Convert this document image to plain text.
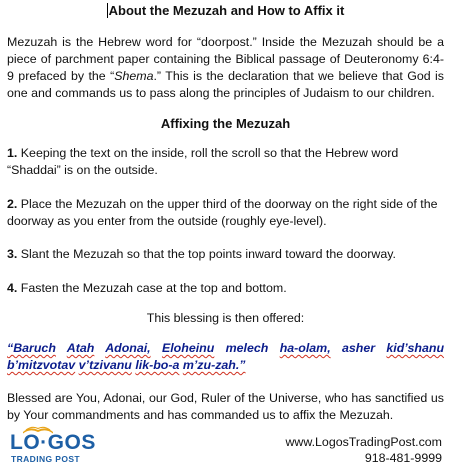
About the Mezuzah and How to Affix it

Mezuzah is the Hebrew word for “doorpost.” Inside the Mezuzah should be a piece of parchment paper containing the Biblical passage of Deuteronomy 6:4-9 prefaced by the “Shema.” This is the declaration that we believe that God is one and commands us to pass along the principles of Judaism to our children.

Affixing the Mezuzah

1. Keeping the text on the inside, roll the scroll so that the Hebrew word “Shaddai” is on the outside.

2. Place the Mezuzah on the upper third of the doorway on the right side of the doorway as you enter from the outside (roughly eye-level).

3. Slant the Mezuzah so that the top points inward toward the doorway.

4. Fasten the Mezuzah case at the top and bottom.

This blessing is then offered:

“Baruch Atah Adonai, Eloheinu melech ha-olam, asher kid’shanu b’mitzvotav v’tzivanu lik-bo-a m’zu-zah.”

Blessed are You, Adonai, our God, Ruler of the Universe, who has sanctified us by Your commandments and has commanded us to affix the Mezuzah.

LO·GOS
TRADING POST
www.LogosTradingPost.com
918-481-9999
